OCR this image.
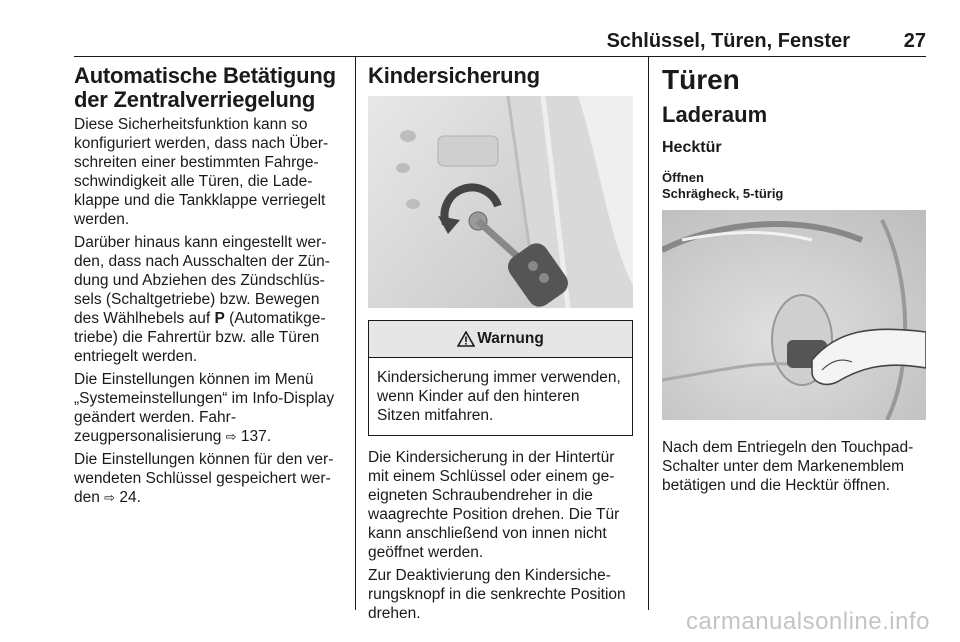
Schlüssel, Türen, Fenster	27
Automatische Betätigung der Zentralverriegelung

Diese Sicherheitsfunktion kann so konfiguriert werden, dass nach Überschreiten einer bestimmten Fahrgeschwindigkeit alle Türen, die Ladeklappe und die Tankklappe verriegelt werden.

Darüber hinaus kann eingestellt werden, dass nach Ausschalten der Zündung und Abziehen des Zündschlüssels (Schaltgetriebe) bzw. Bewegen des Wählhebels auf P (Automatikgetriebe) die Fahrertür bzw. alle Türen entriegelt werden.

Die Einstellungen können im Menü „Systemeinstellungen“ im Info-Display geändert werden. Fahrzeugpersonalisierung ⇨ 137.

Die Einstellungen können für den verwendeten Schlüssel gespeichert werden ⇨ 24.

Kindersicherung
Warnung

Kindersicherung immer verwenden, wenn Kinder auf den hinteren Sitzen mitfahren.

Die Kindersicherung in der Hintertür mit einem Schlüssel oder einem geeigneten Schraubendreher in die waagrechte Position drehen. Die Tür kann anschließend von innen nicht geöffnet werden.

Zur Deaktivierung den Kindersicherungsknopf in die senkrechte Position drehen.

Türen
Laderaum
Hecktür
Öffnen
Schrägheck, 5-türig

Nach dem Entriegeln den Touchpad-Schalter unter dem Markenemblem betätigen und die Hecktür öffnen.

carmanualsonline.info
